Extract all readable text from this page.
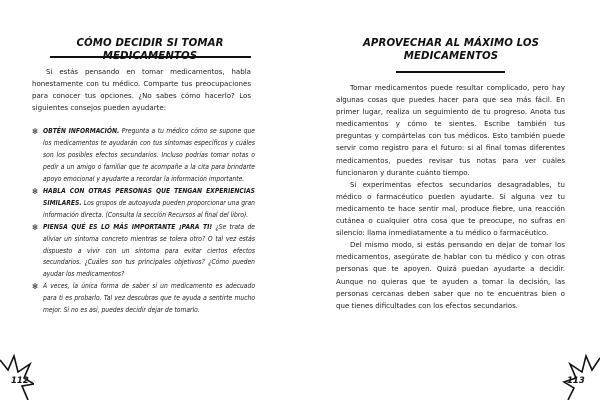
CÓMO DECIDIR SI TOMAR

Si estás pensando en tomar medicamentos, habla honestamente con tu médico. Comparte tus preocupaciones para conocer tus opciones. ¿No sabes cómo hacerlo? Los siguientes consejos pueden ayudarte:

✻ OBTÉN INFORMACIÓN. Pregunta a tu médico cómo se supone que los medicamentos te ayudarán con tus síntomas específicos y cuáles son los posibles efectos secundarios. Incluso podrías tomar notas o pedir a un amigo o familiar que te acompañe a la cita para brindarte apoyo emocional y ayudarte a recordar la información importante.
✻ HABLA CON OTRAS PERSONAS QUE TENGAN EXPERIENCIAS SIMILARES. Los grupos de autoayuda pueden proporcionar una gran información directa. (Consulta la sección Recursos al final del libro).
✻ PIENSA QUÉ ES LO MÁS IMPORTANTE ¡PARA TI! ¿Se trata de aliviar un síntoma concreto mientras se tolera otro? O tal vez estás dispuesto a vivir con un síntoma para evitar ciertos efectos secundarios. ¿Cuáles son tus principales objetivos? ¿Cómo pueden ayudar los medicamentos?
✻ A veces, la única forma de saber si un medicamento es adecuado para ti es probarlo. Tal vez descubras que te ayuda a sentirte mucho mejor. Si no es así, puedes decidir dejar de tomarlo.
112
APROVECHAR AL MÁXIMO LOS MEDICAMENTOS

Tomar medicamentos puede resultar complicado, pero hay algunas cosas que puedes hacer para que sea más fácil. En primer lugar, realiza un seguimiento de tu progreso. Anota tus medicamentos y cómo te sientes. Escribe también tus preguntas y compártelas con tus médicos. Esto también puede servir como registro para el futuro: si al final tomas diferentes medicamentos, puedes revisar tus notas para ver cuáles funcionaron y durante cuánto tiempo.

Si experimentas efectos secundarios desagradables, tu médico o farmacéutico pueden ayudarte. Si alguna vez tu medicamento te hace sentir mal, produce fiebre, una reacción cutánea o cualquier otra cosa que te preocupe, no sufras en silencio: llama inmediatamente a tu médico o farmacéutico.

Del mismo modo, si estás pensando en dejar de tomar los medicamentos, asegúrate de hablar con tu médico y con otras personas que te apoyen. Quizá puedan ayudarte a decidir. Aunque no quieras que te ayuden a tomar la decisión, las personas cercanas deben saber que no te encuentras bien o que tienes dificultades con los efectos secundarios.

113
